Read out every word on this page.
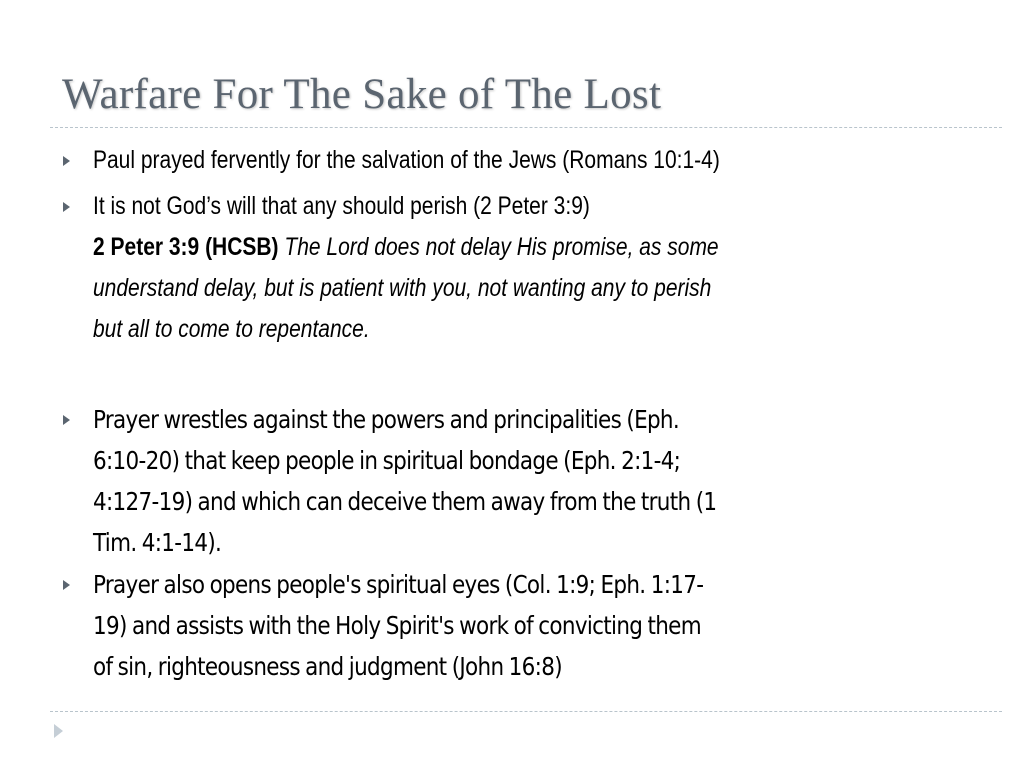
Warfare For The Sake of The Lost
Paul prayed fervently for the salvation of the Jews (Romans 10:1-4)
It is not God’s will that any should perish (2 Peter 3:9)
2 Peter 3:9 (HCSB) The Lord does not delay His promise, as some
understand delay, but is patient with you, not wanting any to perish
but all to come to repentance.
Prayer wrestles against the powers and principalities (Eph.
6:10-20) that keep people in spiritual bondage (Eph. 2:1-4;
4:127-19) and which can deceive them away from the truth (1
Tim. 4:1-14).
Prayer also opens people's spiritual eyes (Col. 1:9; Eph. 1:17-
19) and assists with the Holy Spirit's work of convicting them
of sin, righteousness and judgment (John 16:8)
